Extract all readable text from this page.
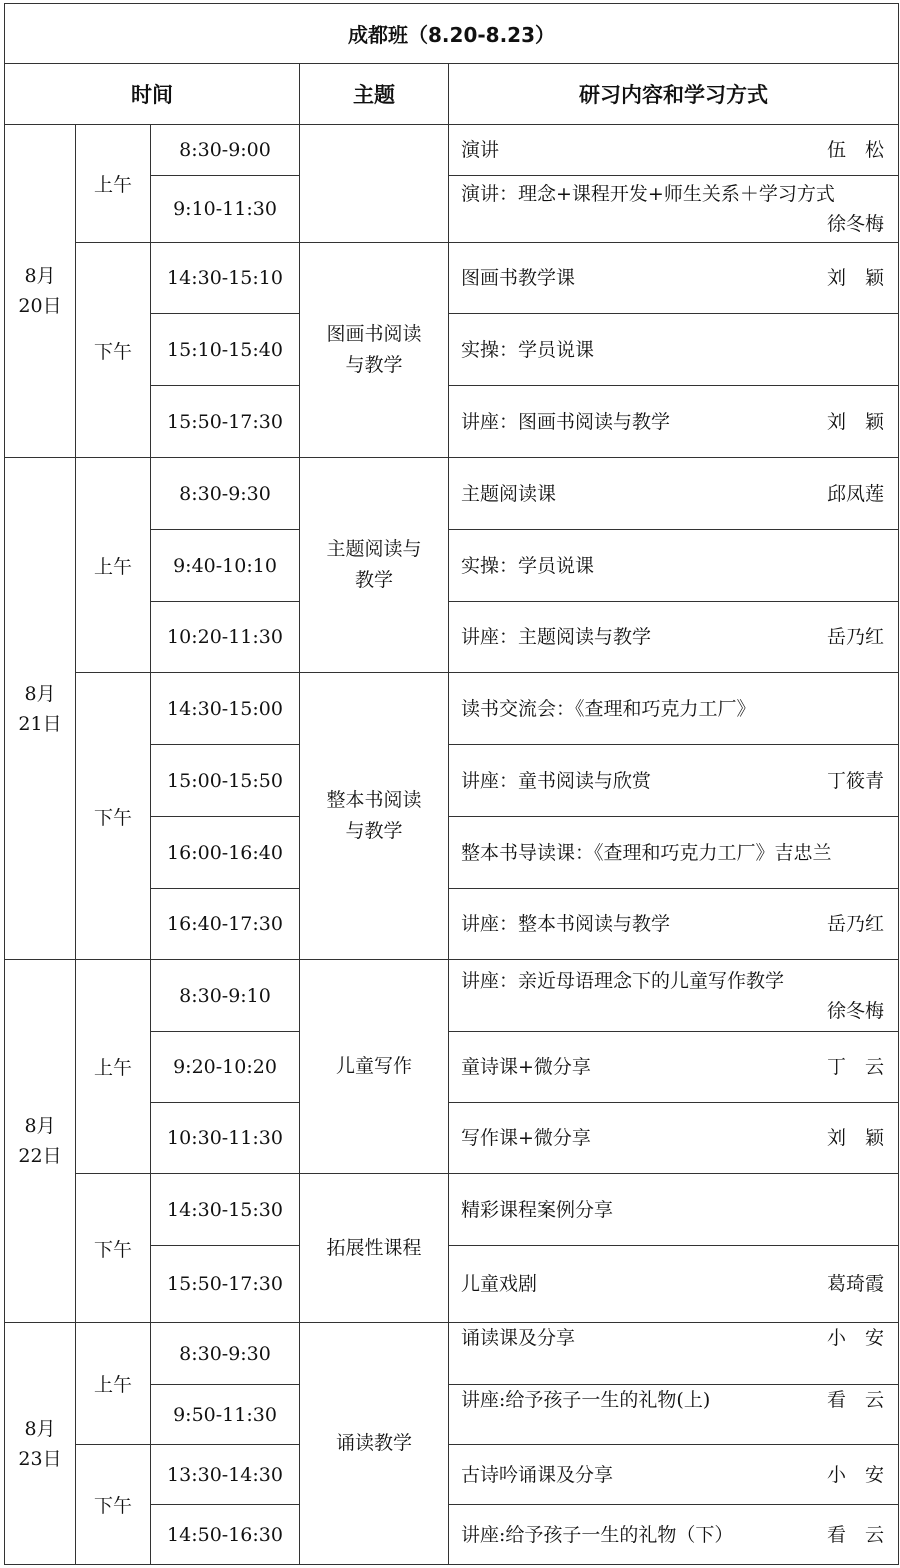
成都班（8.20-8.23）				
时间			主题	研习内容和学习方式
8月
20日	上午	8:30-9:00		演讲 伍　松

		9:10-11:30		演讲：理念+课程开发+师生关系＋学习方式
徐冬梅

	下午	14:30-15:10	图画书阅读与教学	图画书教学课 刘　颖

		15:10-15:40		实操：学员说课

		15:50-17:30		讲座：图画书阅读与教学 刘　颖

8月
21日	上午	8:30-9:30	主题阅读与教学	主题阅读课 邱凤莲

		9:40-10:10		实操：学员说课

		10:20-11:30		讲座：主题阅读与教学 岳乃红

	下午	14:30-15:00	整本书阅读与教学	读书交流会：《查理和巧克力工厂》

		15:00-15:50		讲座：童书阅读与欣赏 丁筱青

		16:00-16:40		整本书导读课：《查理和巧克力工厂》吉忠兰

		16:40-17:30		讲座：整本书阅读与教学 岳乃红

8月
22日	上午	8:30-9:10	儿童写作	讲座：亲近母语理念下的儿童写作教学
徐冬梅

		9:20-10:20		童诗课+微分享 丁　云

		10:30-11:30		写作课+微分享 刘　颖

	下午	14:30-15:30	拓展性课程	精彩课程案例分享

		15:50-17:30		儿童戏剧 葛琦霞

8月
23日	上午	8:30-9:30	诵读教学	诵读课及分享 小　安

		9:50-11:30		讲座:给予孩子一生的礼物(上) 看　云

	下午	13:30-14:30		古诗吟诵课及分享 小　安

		14:50-16:30		讲座:给予孩子一生的礼物（下） 看　云
